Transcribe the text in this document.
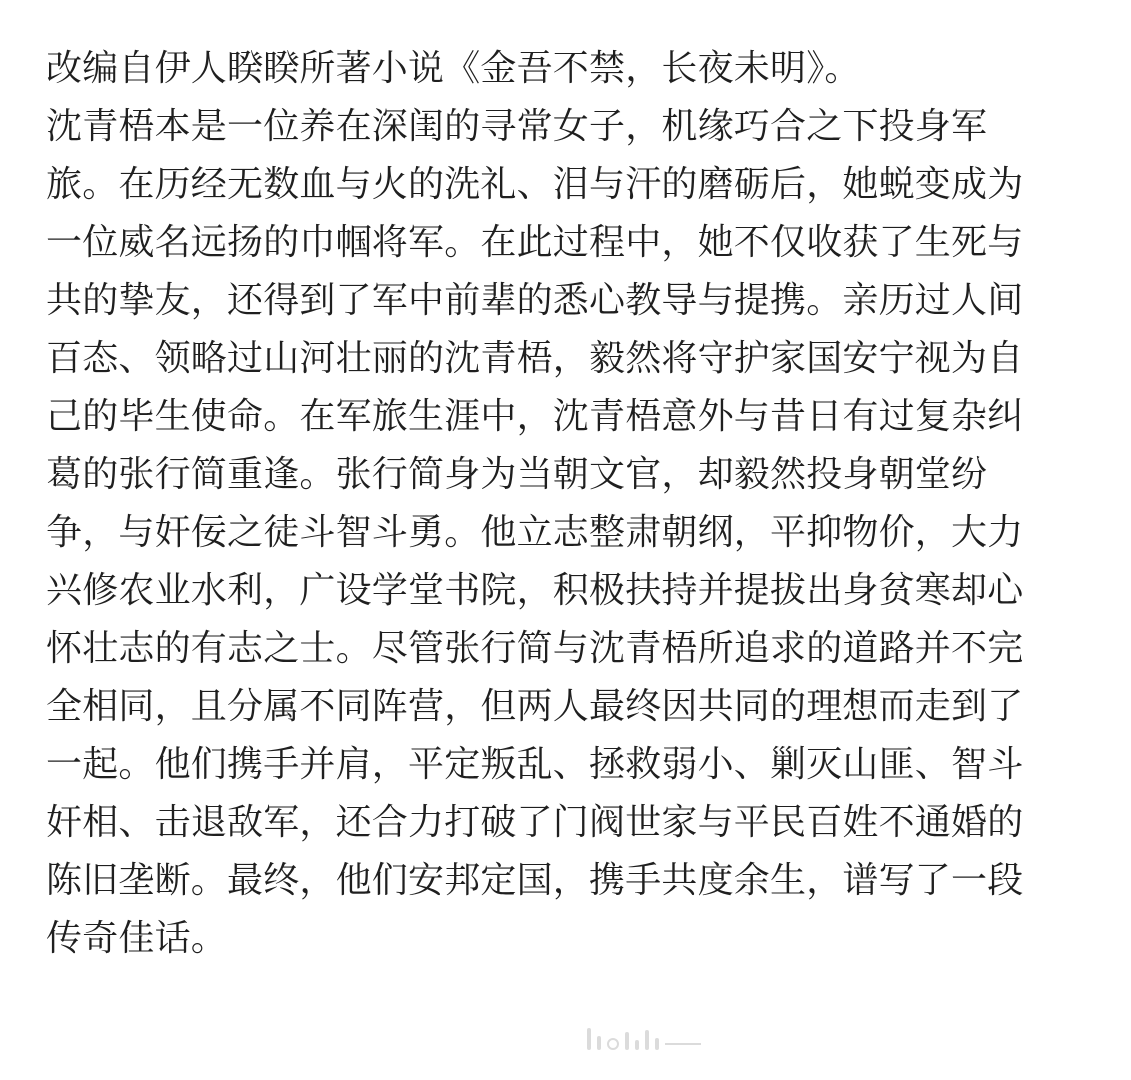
改编自伊人睽睽所著小说《金吾不禁，长夜未明》。
沈青梧本是一位养在深闺的寻常女子，机缘巧合之下投身军
旅。在历经无数血与火的洗礼、泪与汗的磨砺后，她蜕变成为
一位威名远扬的巾帼将军。在此过程中，她不仅收获了生死与
共的挚友，还得到了军中前辈的悉心教导与提携。亲历过人间
百态、领略过山河壮丽的沈青梧，毅然将守护家国安宁视为自
己的毕生使命。在军旅生涯中，沈青梧意外与昔日有过复杂纠
葛的张行简重逢。张行简身为当朝文官，却毅然投身朝堂纷
争，与奸佞之徒斗智斗勇。他立志整肃朝纲，平抑物价，大力
兴修农业水利，广设学堂书院，积极扶持并提拔出身贫寒却心
怀壮志的有志之士。尽管张行简与沈青梧所追求的道路并不完
全相同，且分属不同阵营，但两人最终因共同的理想而走到了
一起。他们携手并肩，平定叛乱、拯救弱小、剿灭山匪、智斗
奸相、击退敌军，还合力打破了门阀世家与平民百姓不通婚的
陈旧垄断。最终，他们安邦定国，携手共度余生，谱写了一段
传奇佳话。
